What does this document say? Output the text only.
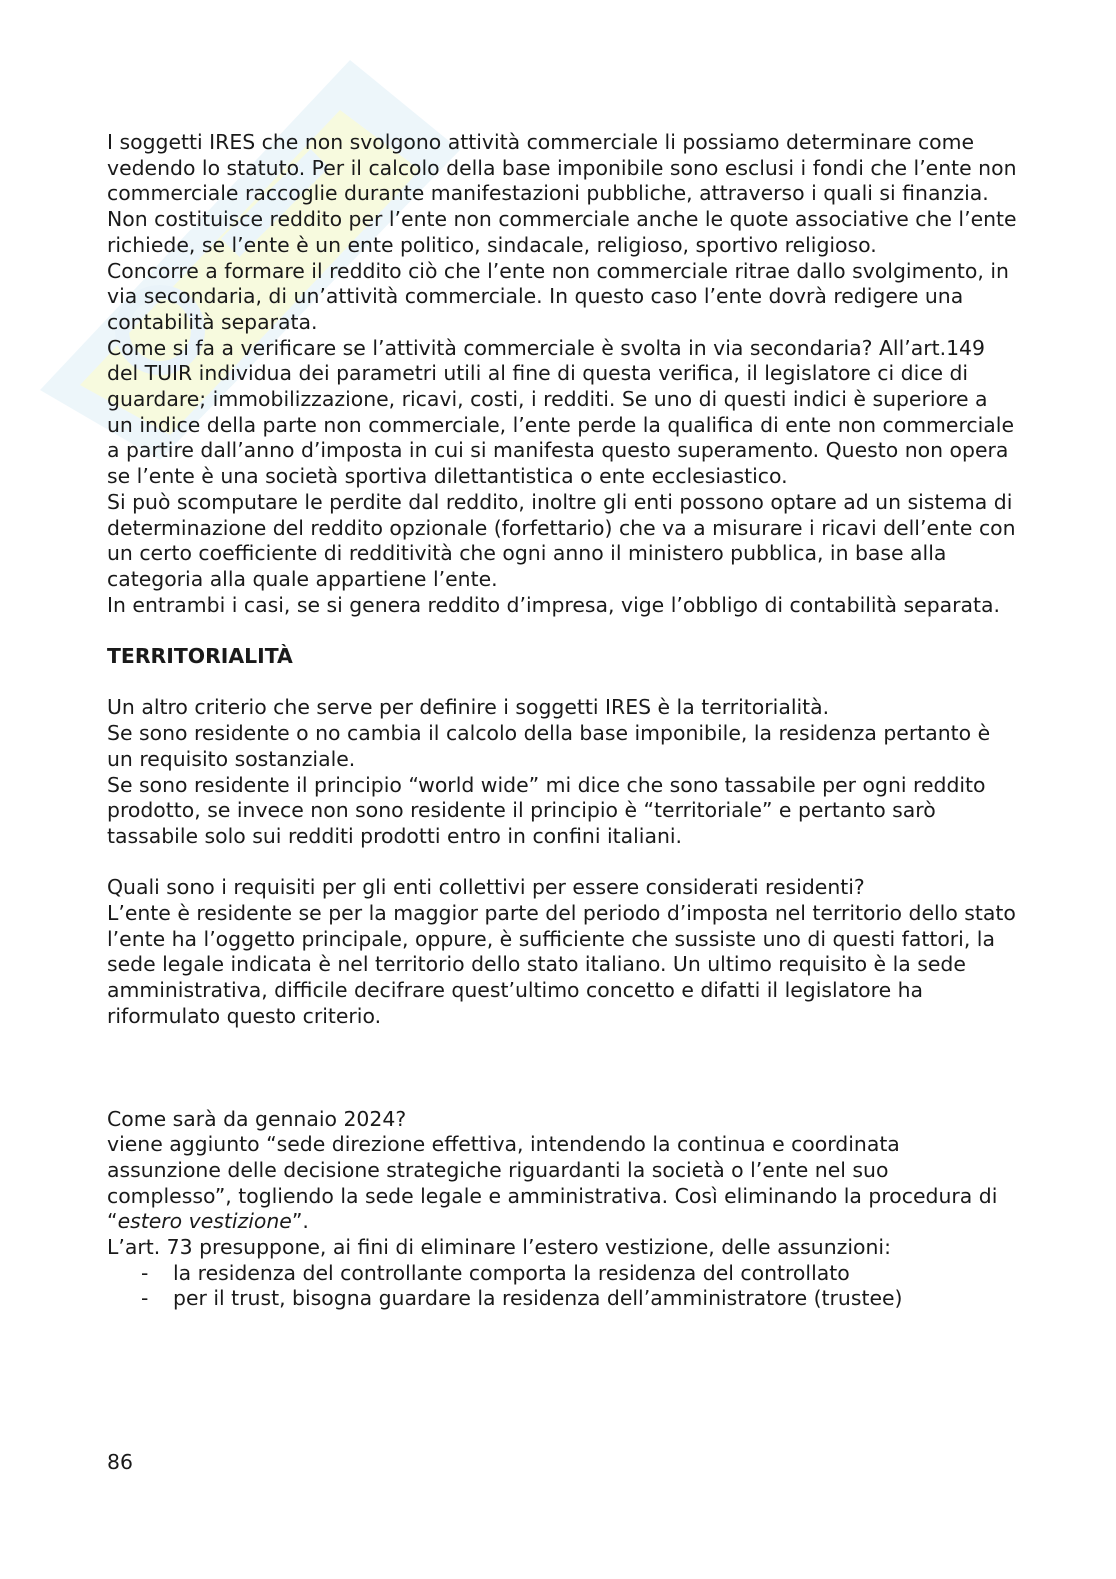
I soggetti IRES che non svolgono attività commerciale li possiamo determinare come vedendo lo statuto. Per il calcolo della base imponibile sono esclusi i fondi che l’ente non commerciale raccoglie durante manifestazioni pubbliche, attraverso i quali si finanzia. Non costituisce reddito per l’ente non commerciale anche le quote associative che l’ente richiede, se l’ente è un ente politico, sindacale, religioso, sportivo religioso.

Concorre a formare il reddito ciò che l’ente non commerciale ritrae dallo svolgimento, in via secondaria, di un’attività commerciale. In questo caso l’ente dovrà redigere una contabilità separata.

Come si fa a verificare se l’attività commerciale è svolta in via secondaria? All’art.149 del TUIR individua dei parametri utili al fine di questa verifica, il legislatore ci dice di guardare; immobilizzazione, ricavi, costi, i redditi. Se uno di questi indici è superiore a un indice della parte non commerciale, l’ente perde la qualifica di ente non commerciale a partire dall’anno d’imposta in cui si manifesta questo superamento. Questo non opera se l’ente è una società sportiva dilettantistica o ente ecclesiastico.

Si può scomputare le perdite dal reddito, inoltre gli enti possono optare ad un sistema di determinazione del reddito opzionale (forfettario) che va a misurare i ricavi dell’ente con un certo coefficiente di redditività che ogni anno il ministero pubblica, in base alla categoria alla quale appartiene l’ente.

In entrambi i casi, se si genera reddito d’impresa, vige l’obbligo di contabilità separata.

TERRITORIALITÀ

Un altro criterio che serve per definire i soggetti IRES è la territorialità.

Se sono residente o no cambia il calcolo della base imponibile, la residenza pertanto è un requisito sostanziale.

Se sono residente il principio “world wide” mi dice che sono tassabile per ogni reddito prodotto, se invece non sono residente il principio è “territoriale” e pertanto sarò tassabile solo sui redditi prodotti entro in confini italiani.

Quali sono i requisiti per gli enti collettivi per essere considerati residenti?

L’ente è residente se per la maggior parte del periodo d’imposta nel territorio dello stato l’ente ha l’oggetto principale, oppure, è sufficiente che sussiste uno di questi fattori, la sede legale indicata è nel territorio dello stato italiano. Un ultimo requisito è la sede amministrativa, difficile decifrare quest’ultimo concetto e difatti il legislatore ha riformulato questo criterio.

Come sarà da gennaio 2024?

viene aggiunto “sede direzione effettiva, intendendo la continua e coordinata assunzione delle decisione strategiche riguardanti la società o l’ente nel suo complesso”, togliendo la sede legale e amministrativa. Così eliminando la procedura di “estero vestizione”.

L’art. 73 presuppone, ai fini di eliminare l’estero vestizione, delle assunzioni:

- la residenza del controllante comporta la residenza del controllato
- per il trust, bisogna guardare la residenza dell’amministratore (trustee)
86
